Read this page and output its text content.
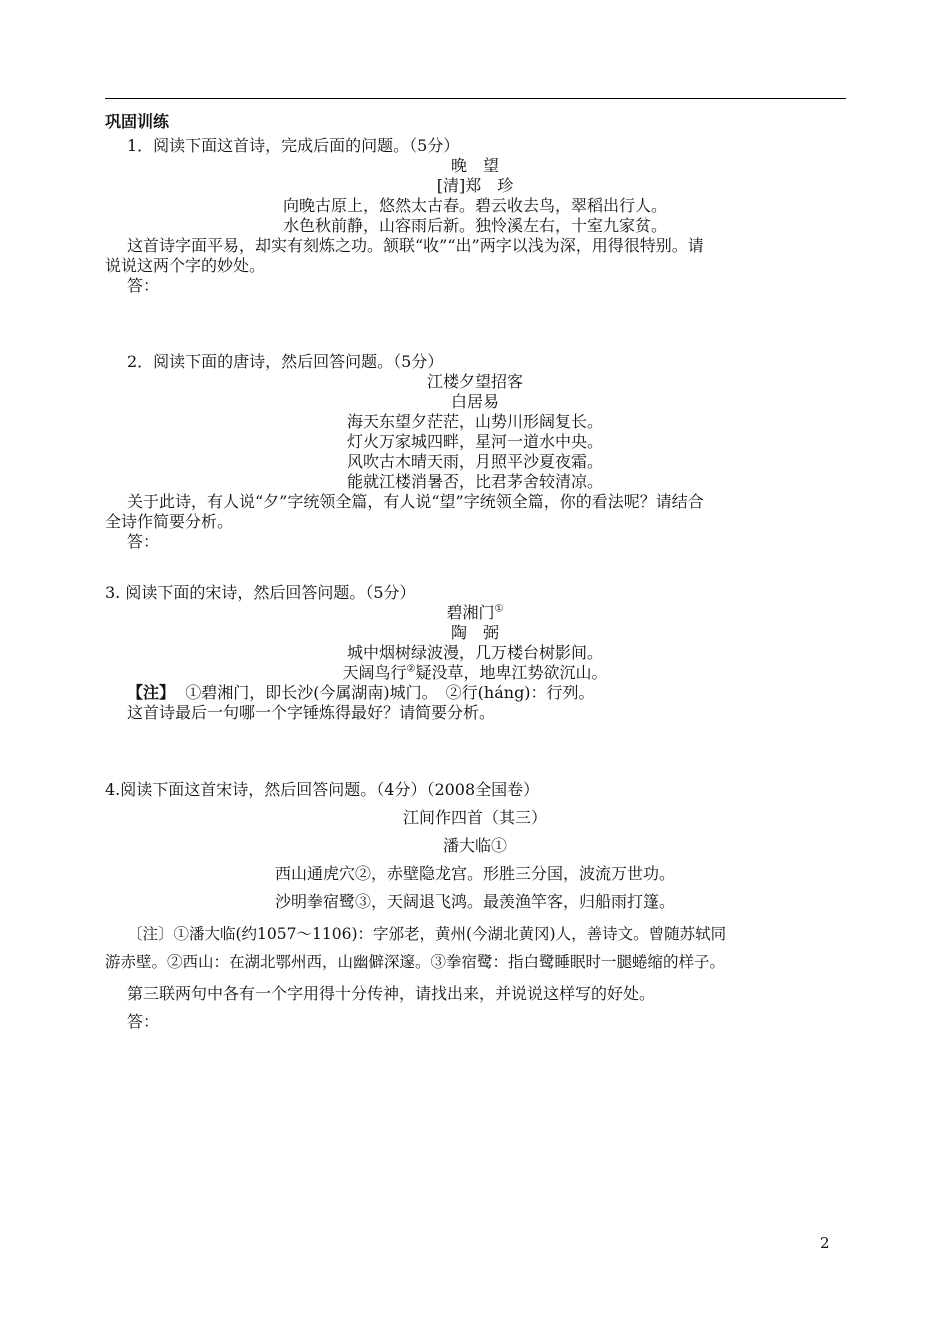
巩固训练
1．阅读下面这首诗，完成后面的问题。（5分）
晚　望
[清]郑　珍
向晚古原上，悠然太古春。碧云收去鸟，翠稻出行人。
水色秋前静，山容雨后新。独怜溪左右，十室九家贫。
这首诗字面平易，却实有刻炼之功。颔联“收”“出”两字以浅为深，用得很特别。请
说说这两个字的妙处。
答：
2．阅读下面的唐诗，然后回答问题。（5分）
江楼夕望招客
白居易
海天东望夕茫茫，山势川形阔复长。
灯火万家城四畔，星河一道水中央。
风吹古木晴天雨，月照平沙夏夜霜。
能就江楼消暑否，比君茅舍较清凉。
关于此诗，有人说“夕”字统领全篇，有人说“望”字统领全篇，你的看法呢？请结合
全诗作简要分析。
答：
3. 阅读下面的宋诗，然后回答问题。（5分）
碧湘门①
陶　弼
城中烟树绿波漫，几万楼台树影间。
天阔鸟行②疑没草，地卑江势欲沉山。
【注】 ①碧湘门，即长沙(今属湖南)城门。　②行(háng)：行列。
这首诗最后一句哪一个字锤炼得最好？请简要分析。
4.阅读下面这首宋诗，然后回答问题。（4分）（2008全国卷）
江间作四首（其三）
潘大临①
西山通虎穴②，赤壁隐龙宫。形胜三分国，波流万世功。
沙明拳宿鹭③，天阔退飞鸿。最羡渔竿客，归船雨打篷。
〔注〕①潘大临(约1057～1106)：字邠老，黄州(今湖北黄冈)人，善诗文。曾随苏轼同
游赤壁。②西山：在湖北鄂州西，山幽僻深邃。③拳宿鹭：指白鹭睡眠时一腿蜷缩的样子。
第三联两句中各有一个字用得十分传神，请找出来，并说说这样写的好处。
答：
2
